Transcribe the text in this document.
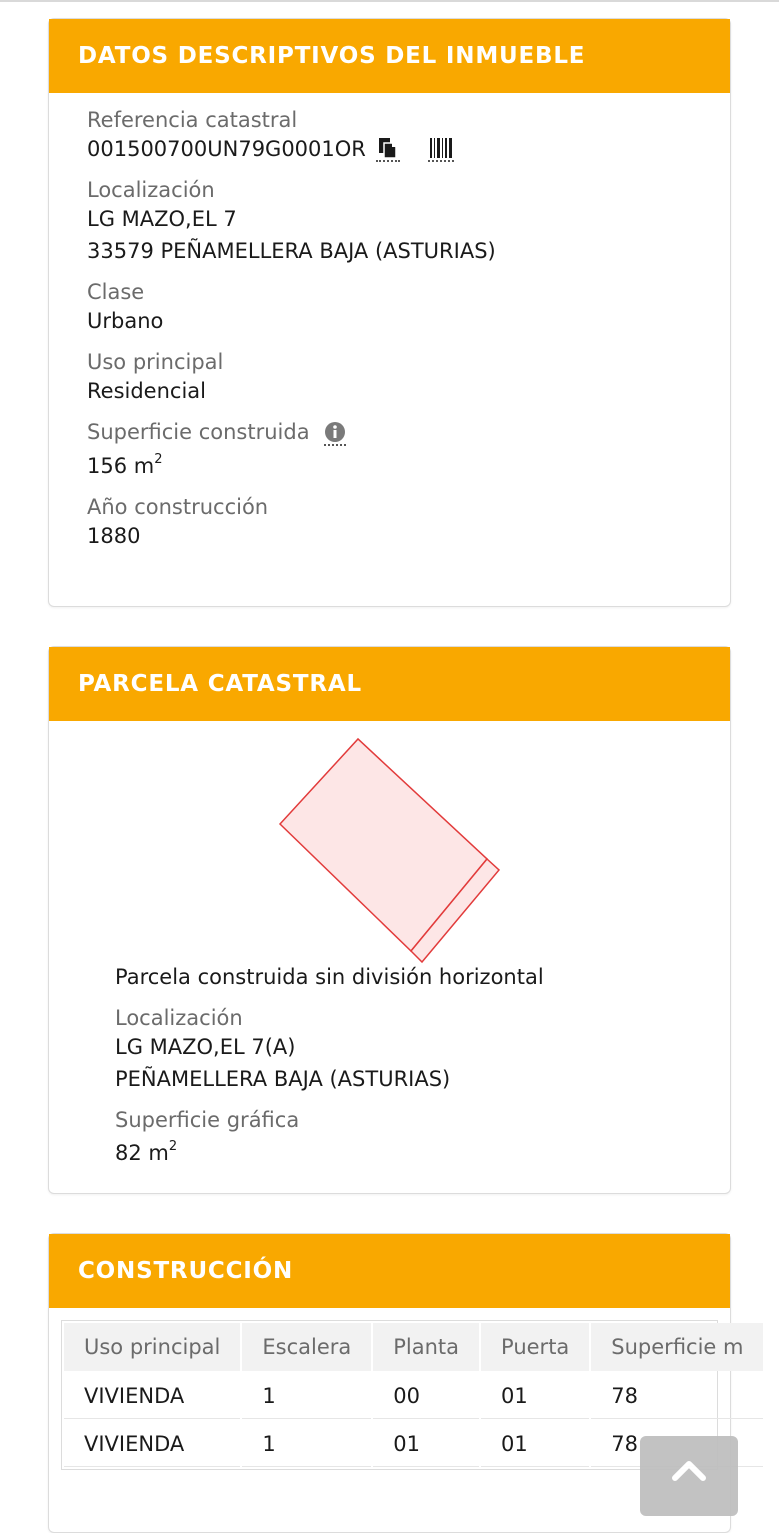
DATOS DESCRIPTIVOS DEL INMUEBLE
Referencia catastral
001500700UN79G0001OR
Localización
LG MAZO,EL 7
33579 PEÑAMELLERA BAJA (ASTURIAS)
Clase
Urbano
Uso principal
Residencial
Superficie construida
156 $m^2$
Año construcción
1880
PARCELA CATASTRAL
Parcela construida sin división horizontal
Localización
LG MAZO,EL 7(A)
PEÑAMELLERA BAJA (ASTURIAS)
Superficie gráfica
82 $m^2$
CONSTRUCCIÓN
Uso principal	Escalera	Planta	Puerta	Superficie m
VIVIENDA	1	00	01	78
VIVIENDA	1	01	01	78
